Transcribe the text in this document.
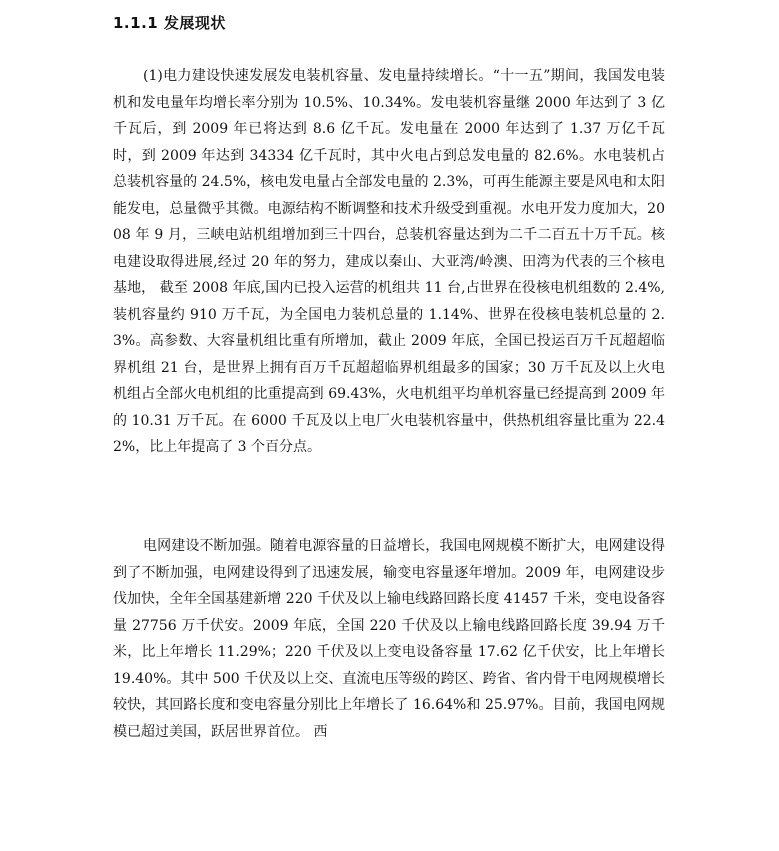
1.1.1 发展现状

(1)电力建设快速发展发电装机容量、发电量持续增长。“十一五”期间，我国发电装机和发电量年均增长率分别为 10.5%、10.34%。发电装机容量继 2000 年达到了 3 亿千瓦后，到 2009 年已将达到 8.6 亿千瓦。发电量在 2000 年达到了 1.37 万亿千瓦时，到 2009 年达到 34334 亿千瓦时，其中火电占到总发电量的 82.6%。水电装机占总装机容量的 24.5%，核电发电量占全部发电量的 2.3%，可再生能源主要是风电和太阳能发电，总量微乎其微。电源结构不断调整和技术升级受到重视。水电开发力度加大，2008 年 9 月，三峡电站机组增加到三十四台，总装机容量达到为二千二百五十万千瓦。核电建设取得进展,经过 20 年的努力，建成以秦山、大亚湾/岭澳、田湾为代表的三个核电基地， 截至 2008 年底,国内已投入运营的机组共 11 台,占世界在役核电机组数的 2.4%,装机容量约 910 万千瓦，为全国电力装机总量的 1.14%、世界在役核电装机总量的 2.3%。高参数、大容量机组比重有所增加，截止 2009 年底，全国已投运百万千瓦超超临界机组 21 台，是世界上拥有百万千瓦超超临界机组最多的国家；30 万千瓦及以上火电机组占全部火电机组的比重提高到 69.43%，火电机组平均单机容量已经提高到 2009 年的 10.31 万千瓦。在 6000 千瓦及以上电厂火电装机容量中，供热机组容量比重为 22.42%，比上年提高了 3 个百分点。

电网建设不断加强。随着电源容量的日益增长，我国电网规模不断扩大，电网建设得到了不断加强，电网建设得到了迅速发展，输变电容量逐年增加。2009 年，电网建设步伐加快，全年全国基建新增 220 千伏及以上输电线路回路长度 41457 千米，变电设备容量 27756 万千伏安。2009 年底，全国 220 千伏及以上输电线路回路长度 39.94 万千米，比上年增长 11.29%；220 千伏及以上变电设备容量 17.62 亿千伏安，比上年增长 19.40%。其中 500 千伏及以上交、直流电压等级的跨区、跨省、省内骨干电网规模增长较快，其回路长度和变电容量分别比上年增长了 16.64%和 25.97%。目前，我国电网规模已超过美国，跃居世界首位。 西
